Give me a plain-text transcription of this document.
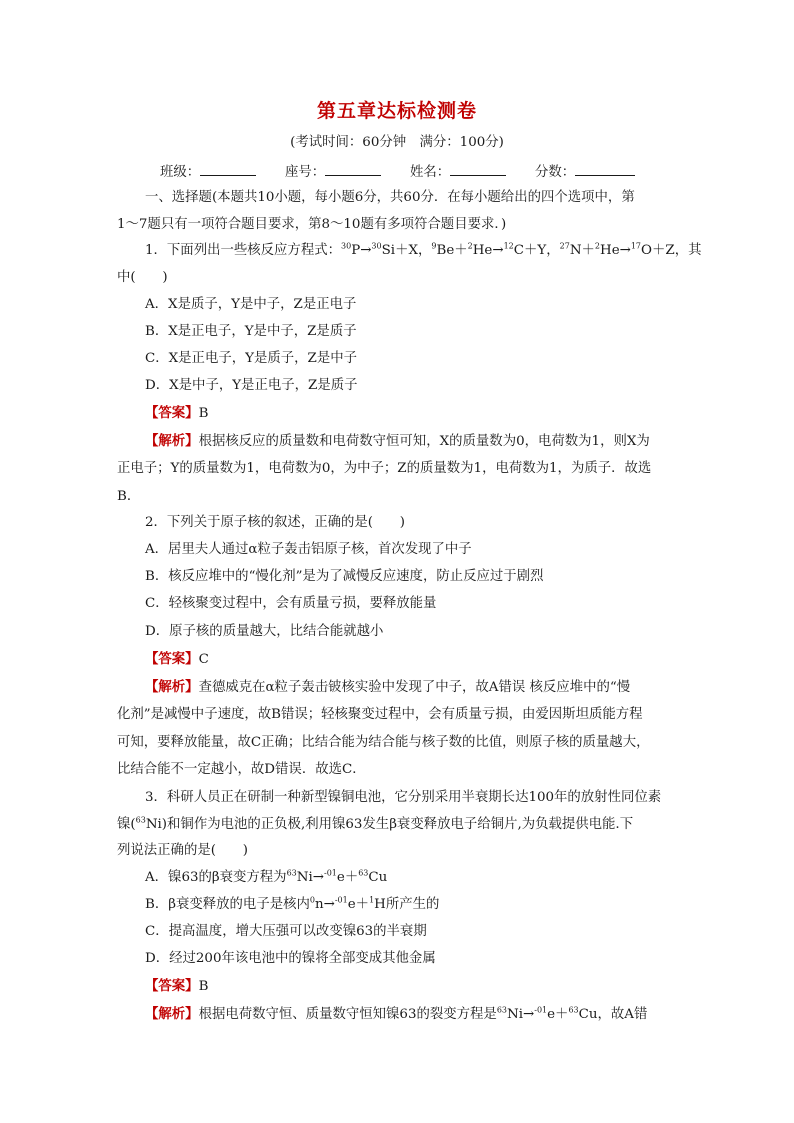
第五章达标检测卷
(考试时间：60分钟　满分：100分)
班级：	座号：	姓名：	分数：
一、选择题(本题共10小题，每小题6分，共60分．在每小题给出的四个选项中，第
1～7题只有一项符合题目要求，第8～10题有多项符合题目要求．)
1．下面列出一些核反应方程式：$^{30}$P→$^{30}$Si＋X，$^9$Be＋$^2$He→$^{12}$C＋Y，$^{27}$N＋$^2$He→$^{17}$O＋Z，其
中(　　)
A．X是质子，Y是中子，Z是正电子
B．X是正电子，Y是中子，Z是质子
C．X是正电子，Y是质子，Z是中子
D．X是中子，Y是正电子，Z是质子
【答案】B
【解析】根据核反应的质量数和电荷数守恒可知，X的质量数为0，电荷数为1，则X为
正电子；Y的质量数为1，电荷数为0，为中子；Z的质量数为1，电荷数为1，为质子．故选
B．
2．下列关于原子核的叙述，正确的是(　　)
A．居里夫人通过α粒子轰击铝原子核，首次发现了中子
B．核反应堆中的“慢化剂”是为了减慢反应速度，防止反应过于剧烈
C．轻核聚变过程中，会有质量亏损，要释放能量
D．原子核的质量越大，比结合能就越小
【答案】C
【解析】查德威克在α粒子轰击铍核实验中发现了中子，故A错误 核反应堆中的“慢
化剂”是减慢中子速度，故B错误；轻核聚变过程中，会有质量亏损，由爱因斯坦质能方程
可知，要释放能量，故C正确；比结合能为结合能与核子数的比值，则原子核的质量越大，
比结合能不一定越小，故D错误．故选C．
3．科研人员正在研制一种新型镍铜电池，它分别采用半衰期长达100年的放射性同位素
镍($^{63}$Ni)和铜作为电池的正负极,利用镍63发生β衰变释放电子给铜片,为负载提供电能.下
列说法正确的是(　　)
A．镍63的β衰变方程为$^{63}$Ni→$^{-01}$e＋$^{63}$Cu
B．β衰变释放的电子是核内$^0$n→$^{-01}$e＋$^1$H所产生的
C．提高温度，增大压强可以改变镍63的半衰期
D．经过200年该电池中的镍将全部变成其他金属
【答案】B
【解析】根据电荷数守恒、质量数守恒知镍63的裂变方程是$^{63}$Ni→$^{-01}$e＋$^{63}$Cu，故A错
